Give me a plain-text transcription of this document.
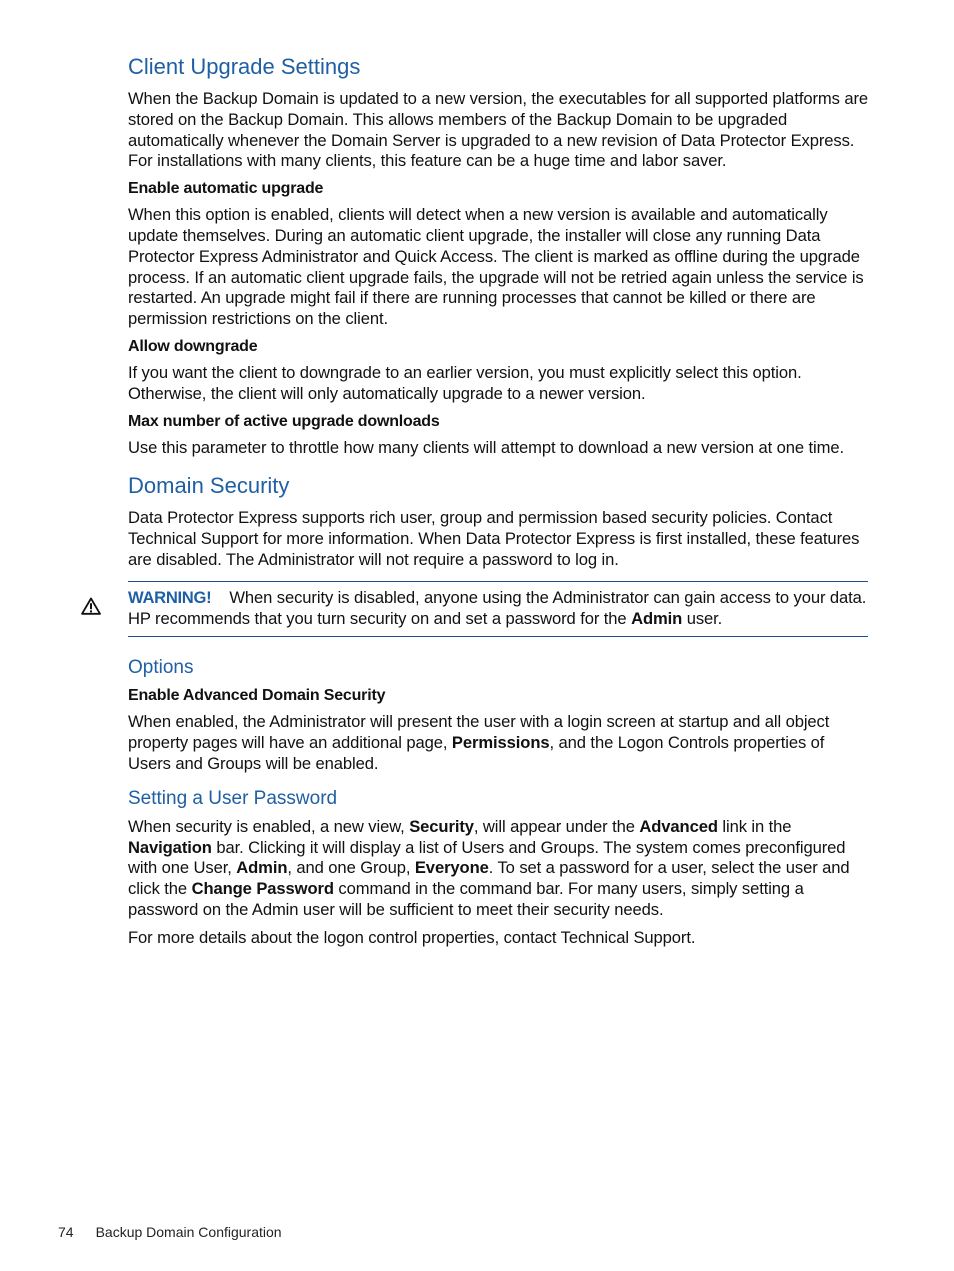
Client Upgrade Settings

When the Backup Domain is updated to a new version, the executables for all supported platforms are stored on the Backup Domain. This allows members of the Backup Domain to be upgraded automatically whenever the Domain Server is upgraded to a new revision of Data Protector Express. For installations with many clients, this feature can be a huge time and labor saver.

Enable automatic upgrade

When this option is enabled, clients will detect when a new version is available and automatically update themselves. During an automatic client upgrade, the installer will close any running Data Protector Express Administrator and Quick Access. The client is marked as offline during the upgrade process. If an automatic client upgrade fails, the upgrade will not be retried again unless the service is restarted. An upgrade might fail if there are running processes that cannot be killed or there are permission restrictions on the client.

Allow downgrade

If you want the client to downgrade to an earlier version, you must explicitly select this option. Otherwise, the client will only automatically upgrade to a newer version.

Max number of active upgrade downloads

Use this parameter to throttle how many clients will attempt to download a new version at one time.

Domain Security

Data Protector Express supports rich user, group and permission based security policies. Contact Technical Support for more information. When Data Protector Express is first installed, these features are disabled. The Administrator will not require a password to log in.

WARNING! When security is disabled, anyone using the Administrator can gain access to your data. HP recommends that you turn security on and set a password for the Admin user.

Options
Enable Advanced Domain Security

When enabled, the Administrator will present the user with a login screen at startup and all object property pages will have an additional page, Permissions, and the Logon Controls properties of Users and Groups will be enabled.

Setting a User Password

When security is enabled, a new view, Security, will appear under the Advanced link in the Navigation bar. Clicking it will display a list of Users and Groups. The system comes preconfigured with one User, Admin, and one Group, Everyone. To set a password for a user, select the user and click the Change Password command in the command bar. For many users, simply setting a password on the Admin user will be sufficient to meet their security needs.

For more details about the logon control properties, contact Technical Support.

74 Backup Domain Configuration
